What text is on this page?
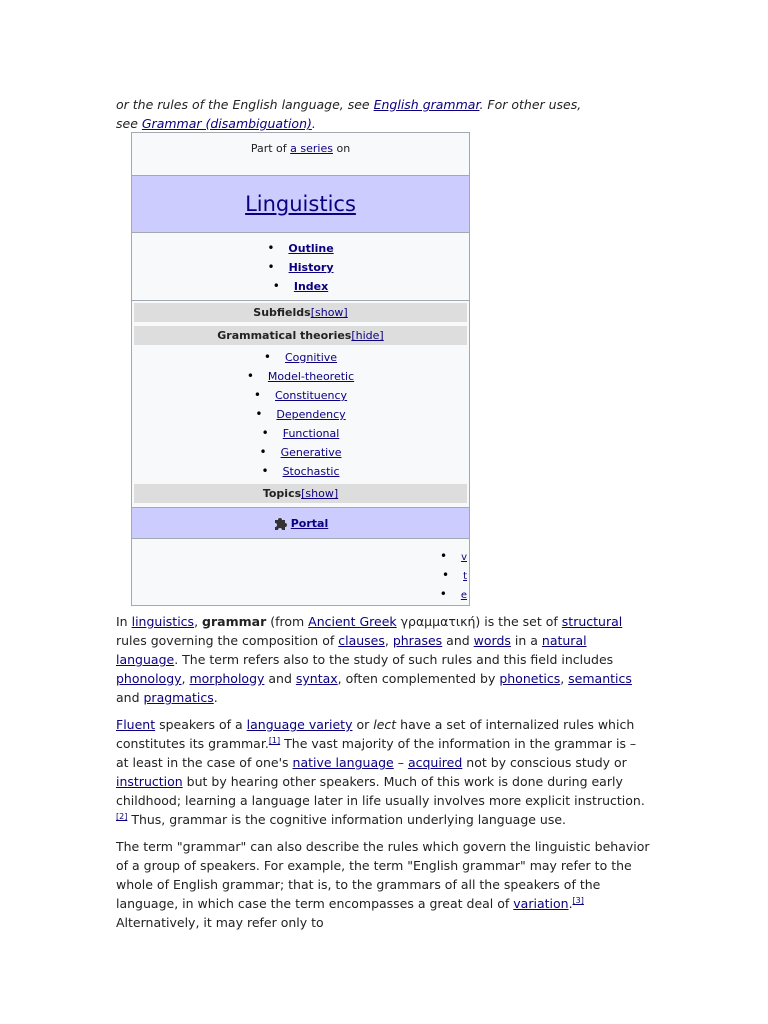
or the rules of the English language, see English grammar. For other uses,
see Grammar (disambiguation).
Part of a series on
Linguistics
• Outline
• History
• Index
Subfields[show]
Grammatical theories[hide]
• Cognitive
• Model-theoretic
• Constituency
• Dependency
• Functional
• Generative
• Stochastic
Topics[show]
Portal
• v
• t
• e

In linguistics, grammar (from Ancient Greek γραμματική) is the set of structural rules governing the composition of clauses, phrases and words in a natural language. The term refers also to the study of such rules and this field includes phonology, morphology and syntax, often complemented by phonetics, semantics and pragmatics.

Fluent speakers of a language variety or lect have a set of internalized rules which constitutes its grammar.[1] The vast majority of the information in the grammar is – at least in the case of one's native language – acquired not by conscious study or instruction but by hearing other speakers. Much of this work is done during early childhood; learning a language later in life usually involves more explicit instruction.[2] Thus, grammar is the cognitive information underlying language use.

The term "grammar" can also describe the rules which govern the linguistic behavior of a group of speakers. For example, the term "English grammar" may refer to the whole of English grammar; that is, to the grammars of all the speakers of the language, in which case the term encompasses a great deal of variation.[3] Alternatively, it may refer only to
